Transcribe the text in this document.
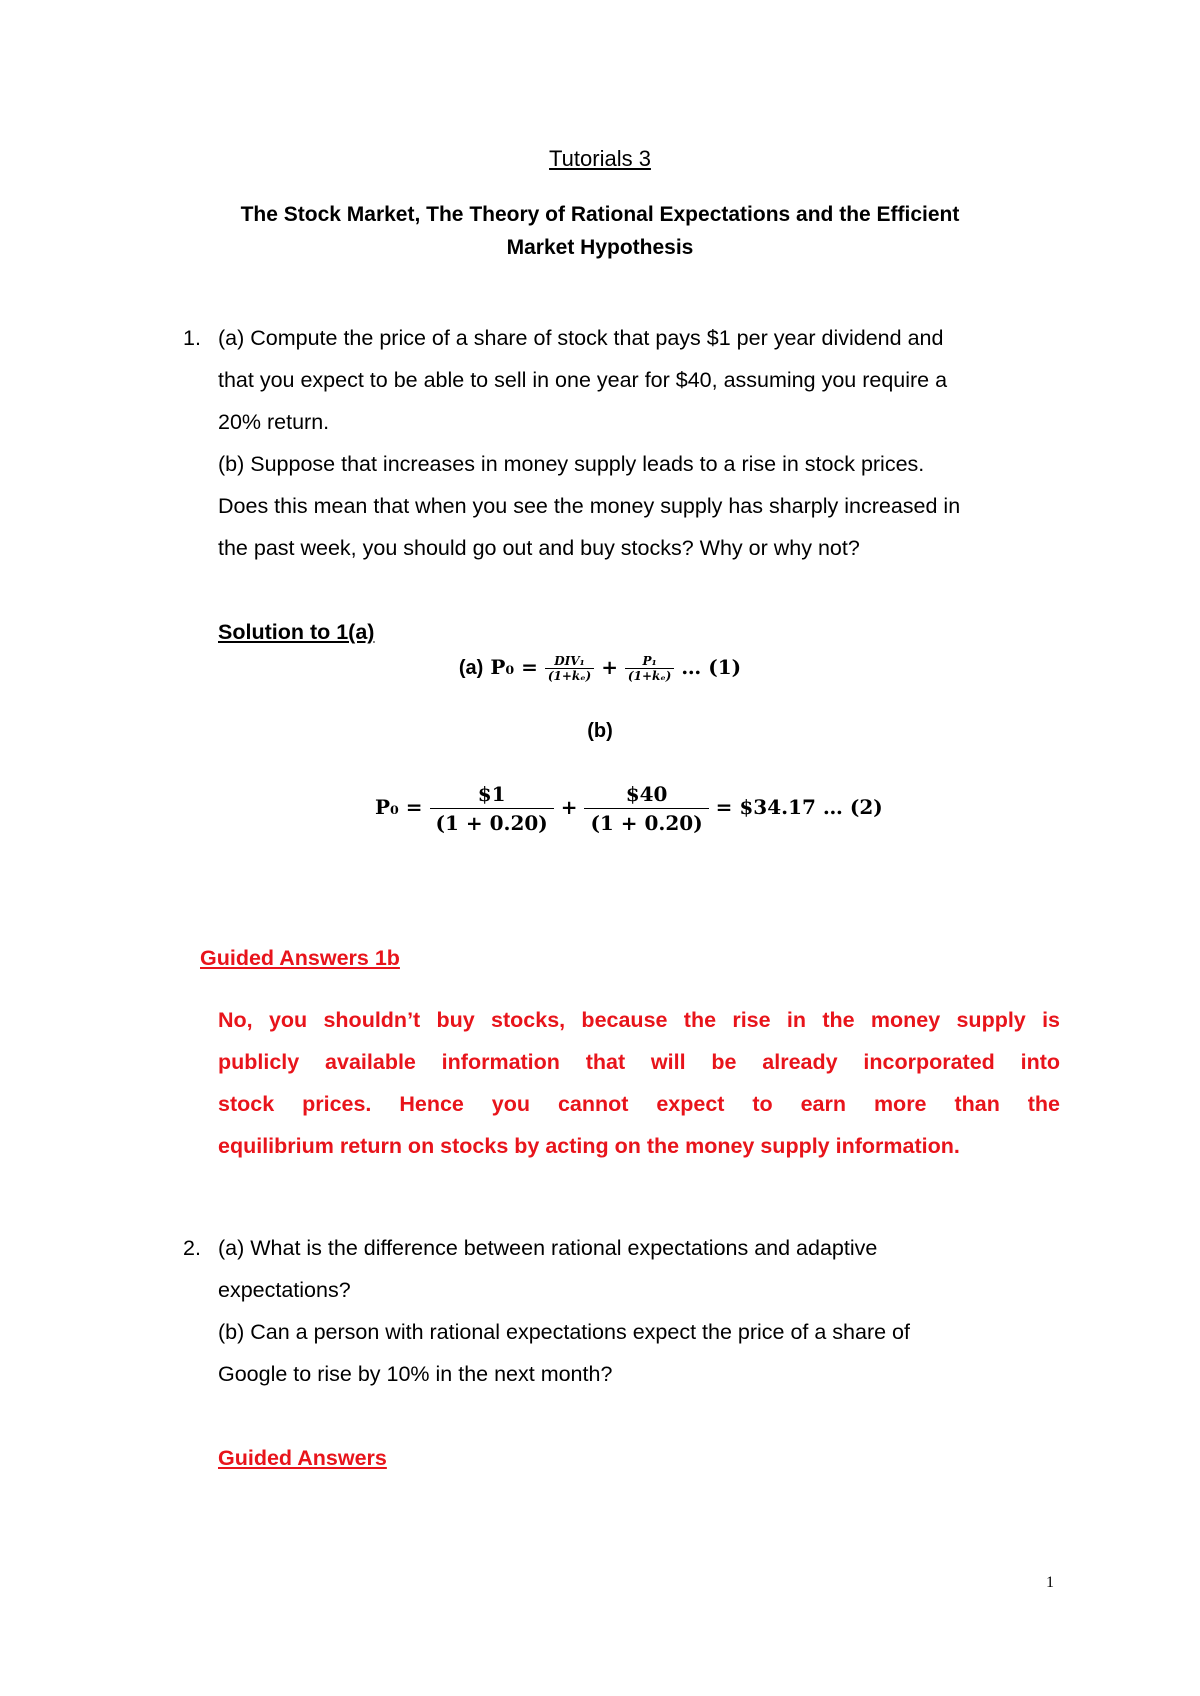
Tutorials 3
The Stock Market, The Theory of Rational Expectations and the Efficient
Market Hypothesis
1. (a) Compute the price of a share of stock that pays $1 per year dividend and
that you expect to be able to sell in one year for $40, assuming you require a
20% return.
(b) Suppose that increases in money supply leads to a rise in stock prices.
Does this mean that when you see the money supply has sharply increased in
the past week, you should go out and buy stocks? Why or why not?
Solution to 1(a)
(a) $P_0 = \frac{\text{DIV₁}}{\text{(1+kₑ)}} + \frac{\text{P₁}}{\text{(1+kₑ)}}$ … (1)
(b)
$P_0 = \frac{\$1}{(1 + 0.20)} + \frac{\$40}{(1 + 0.20)}$ = $34.17 … (2)
Guided Answers 1b
No, you shouldn’t buy stocks, because the rise in the money supply is
publicly available information that will be already incorporated into
stock prices. Hence you cannot expect to earn more than the
equilibrium return on stocks by acting on the money supply information.
2. (a) What is the difference between rational expectations and adaptive
expectations?
(b) Can a person with rational expectations expect the price of a share of
Google to rise by 10% in the next month?
Guided Answers
1
